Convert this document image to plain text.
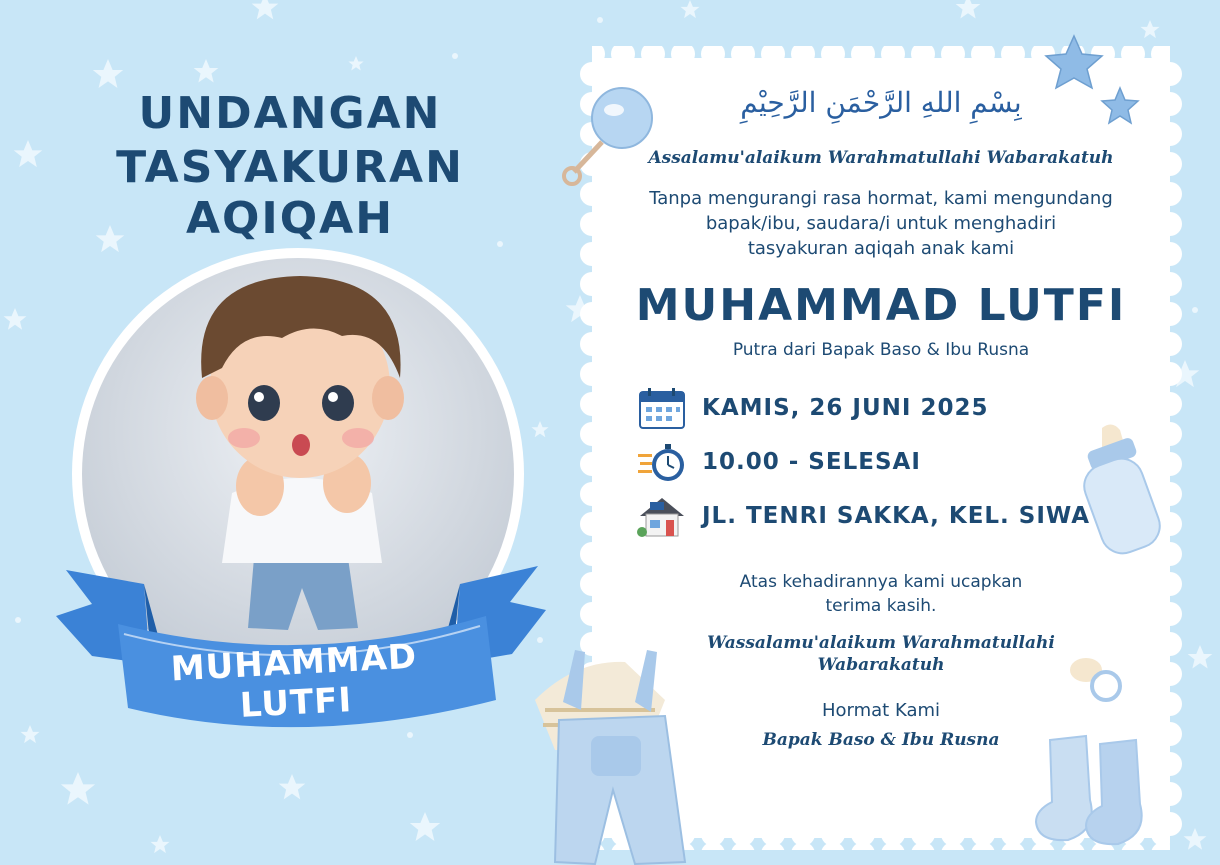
UNDANGAN
TASYAKURAN AQIQAH
MUHAMMAD LUTFI
بِسْمِ اللهِ الرَّحْمَنِ الرَّحِيْمِ
Assalamu'alaikum Warahmatullahi Wabarakatuh
Tanpa mengurangi rasa hormat, kami mengundang
bapak/ibu, saudara/i untuk menghadiri
tasyakuran aqiqah anak kami
MUHAMMAD LUTFI
Putra dari Bapak Baso & Ibu Rusna
KAMIS, 26 JUNI 2025
10.00 - SELESAI
JL. TENRI SAKKA, KEL. SIWA
Atas kehadirannya kami ucapkan
terima kasih.
Wassalamu'alaikum Warahmatullahi
Wabarakatuh
Hormat Kami
Bapak Baso & Ibu Rusna
